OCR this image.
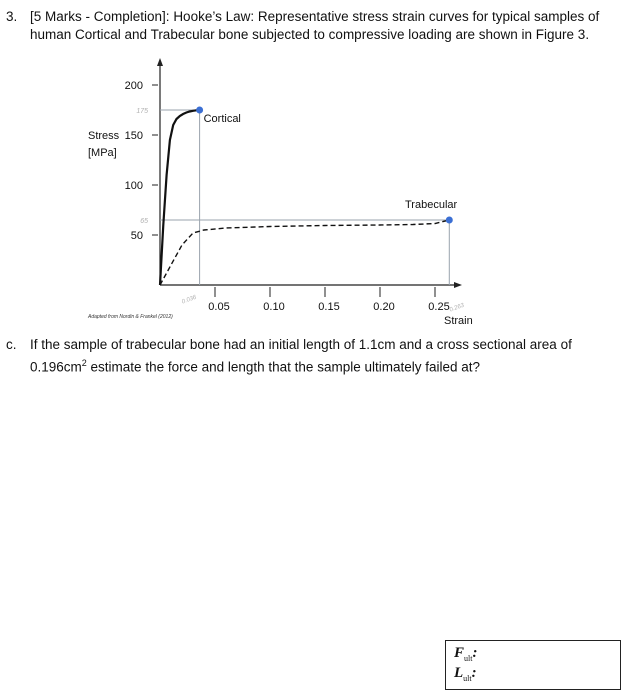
3. [5 Marks - Completion]: Hooke’s Law: Representative stress strain curves for typical samples of
human Cortical and Trabecular bone subjected to compressive loading are shown in Figure 3.
50
100
150
200
0.05	0.10	0.15	0.20	0.25
Stress
[MPa]
Strain
Adapted from Nordin & Frankel (2012)
175
65
0.036
0.263
Cortical
Trabecular
c. If the sample of trabecular bone had an initial length of 1.1cm and a cross sectional area of
$0.196cm^2$ estimate the force and length that the sample ultimately failed at?
$F_{ult}$:
$L_{ult}$:
